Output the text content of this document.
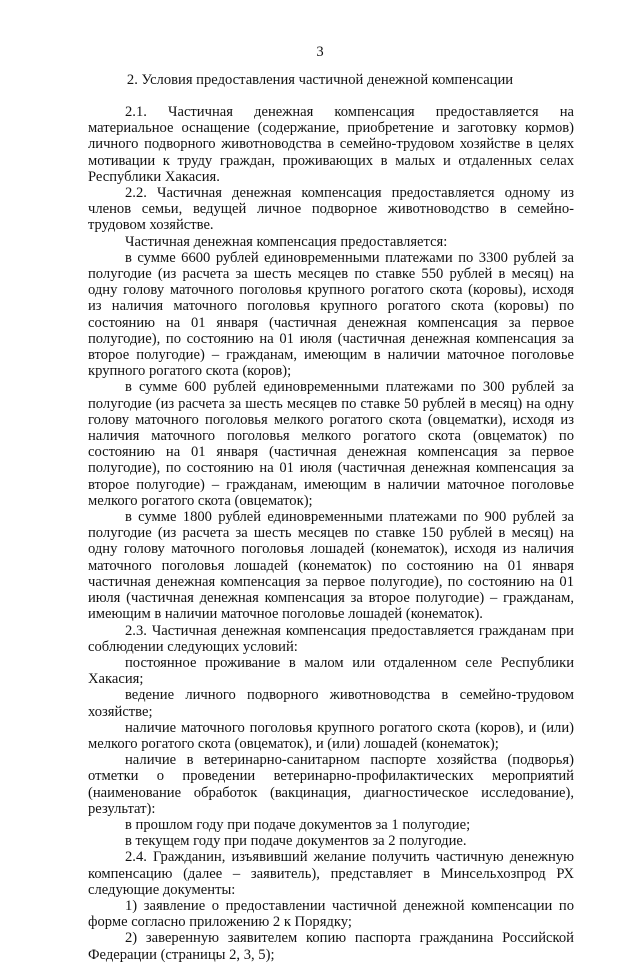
3
2. Условия предоставления частичной денежной компенсации

2.1. Частичная денежная компенсация предоставляется на материальное оснащение (содержание, приобретение и заготовку кормов) личного подворного животноводства в семейно-трудовом хозяйстве в целях мотивации к труду граждан, проживающих в малых и отдаленных селах Республики Хакасия.

2.2. Частичная денежная компенсация предоставляется одному из членов семьи, ведущей личное подворное животноводство в семейно-трудовом хозяйстве.

Частичная денежная компенсация предоставляется:

в сумме 6600 рублей единовременными платежами по 3300 рублей за полугодие (из расчета за шесть месяцев по ставке 550 рублей в месяц) на одну голову маточного поголовья крупного рогатого скота (коровы), исходя из наличия маточного поголовья крупного рогатого скота (коровы) по состоянию на 01 января (частичная денежная компенсация за первое полугодие), по состоянию на 01 июля (частичная денежная компенсация за второе полугодие) – гражданам, имеющим в наличии маточное поголовье крупного рогатого скота (коров);

в сумме 600 рублей единовременными платежами по 300 рублей за полугодие (из расчета за шесть месяцев по ставке 50 рублей в месяц) на одну голову маточного поголовья мелкого рогатого скота (овцематки), исходя из наличия маточного поголовья мелкого рогатого скота (овцематок) по состоянию на 01 января (частичная денежная компенсация за первое полугодие), по состоянию на 01 июля (частичная денежная компенсация за второе полугодие) – гражданам, имеющим в наличии маточное поголовье мелкого рогатого скота (овцематок);

в сумме 1800 рублей единовременными платежами по 900 рублей за полугодие (из расчета за шесть месяцев по ставке 150 рублей в месяц) на одну голову маточного поголовья лошадей (конематок), исходя из наличия маточного поголовья лошадей (конематок) по состоянию на 01 января частичная денежная компенсация за первое полугодие), по состоянию на 01 июля (частичная денежная компенсация за второе полугодие) – гражданам, имеющим в наличии маточное поголовье лошадей (конематок).

2.3. Частичная денежная компенсация предоставляется гражданам при соблюдении следующих условий:

постоянное проживание в малом или отдаленном селе Республики Хакасия;

ведение личного подворного животноводства в семейно-трудовом хозяйстве;

наличие маточного поголовья крупного рогатого скота (коров), и (или) мелкого рогатого скота (овцематок), и (или) лошадей (конематок);

наличие в ветеринарно-санитарном паспорте хозяйства (подворья) отметки о проведении ветеринарно-профилактических мероприятий (наименование обработок (вакцинация, диагностическое исследование), результат):

в прошлом году при подаче документов за 1 полугодие;

в текущем году при подаче документов за 2 полугодие.

2.4. Гражданин, изъявивший желание получить частичную денежную компенсацию (далее – заявитель), представляет в Минсельхозпрод РХ следующие документы:

1) заявление о предоставлении частичной денежной компенсации по форме согласно приложению 2 к Порядку;

2) заверенную заявителем копию паспорта гражданина Российской Федерации (страницы 2, 3, 5);
